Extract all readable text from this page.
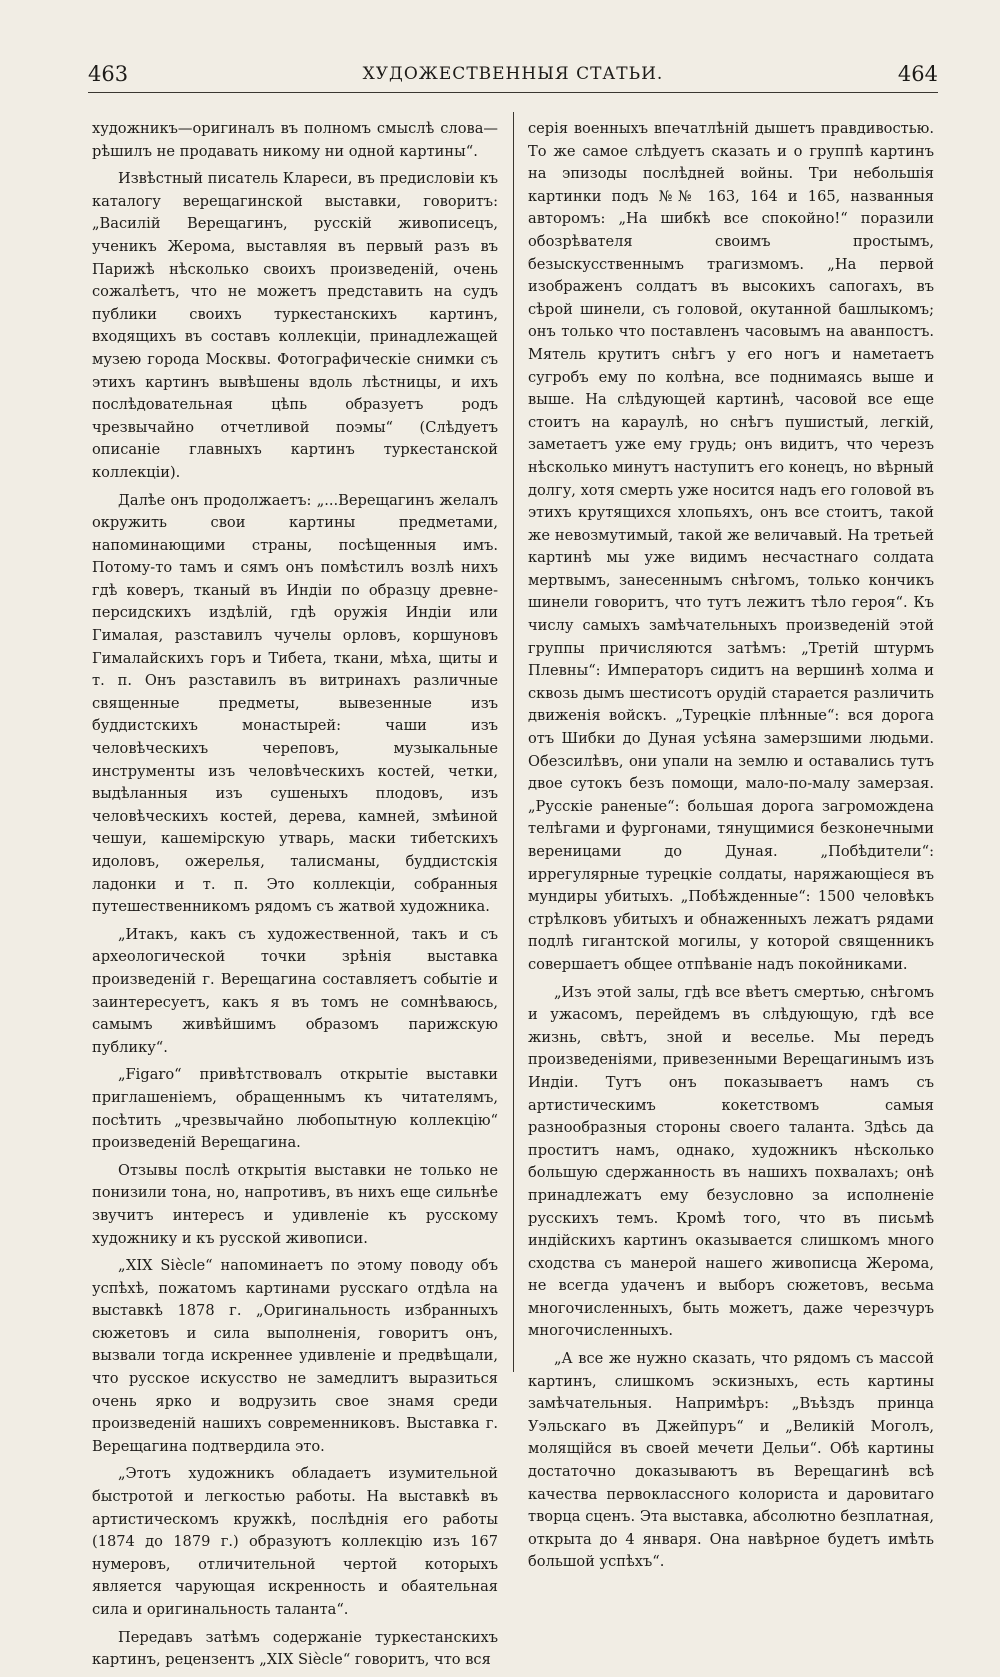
463	ХУДОЖЕСТВЕННЫЯ СТАТЬИ.	464

художникъ—оригиналъ въ полномъ смыслѣ слова— рѣшилъ не продавать никому ни одной картины“.

Извѣстный писатель Клареси, въ предисловіи къ каталогу верещагинской выставки, говоритъ: „Василій Верещагинъ, русскій живописецъ, ученикъ Жерома, выставляя въ первый разъ въ Парижѣ нѣсколько своихъ произведеній, очень сожалѣетъ, что не можетъ представить на судъ публики своихъ туркестанскихъ картинъ, входящихъ въ составъ коллекціи, принадлежащей музею города Москвы. Фотографическіе снимки съ этихъ картинъ вывѣшены вдоль лѣстницы, и ихъ послѣдовательная цѣпь образуетъ родъ чрезвычайно отчетливой поэмы“ (Слѣдуетъ описаніе главныхъ картинъ туркестанской коллекціи).

Далѣе онъ продолжаетъ: „...Верещагинъ желалъ окружить свои картины предметами, напоминающими страны, посѣщенныя имъ. Потому-то тамъ и сямъ онъ помѣстилъ возлѣ нихъ гдѣ коверъ, тканый въ Индіи по образцу древне-персидскихъ издѣлій, гдѣ оружія Индіи или Гималая, разставилъ чучелы орловъ, коршуновъ Гималайскихъ горъ и Тибета, ткани, мѣха, щиты и т. п. Онъ разставилъ въ витринахъ различные священные предметы, вывезенные изъ буддистскихъ монастырей: чаши изъ человѣческихъ череповъ, музыкальные инструменты изъ человѣческихъ костей, четки, выдѣланныя изъ сушеныхъ плодовъ, изъ человѣческихъ костей, дерева, камней, змѣиной чешуи, кашемірскую утварь, маски тибетскихъ идоловъ, ожерелья, талисманы, буддистскія ладонки и т. п. Это коллекціи, собранныя путешественникомъ рядомъ съ жатвой художника.

„Итакъ, какъ съ художественной, такъ и съ археологической точки зрѣнія выставка произведеній г. Верещагина составляетъ событіе и заинтересуетъ, какъ я въ томъ не сомнѣваюсь, самымъ живѣйшимъ образомъ парижскую публику“.

„Figaro“ привѣтствовалъ открытіе выставки приглашеніемъ, обращеннымъ къ читателямъ, посѣтить „чрезвычайно любопытную коллекцію“ произведеній Верещагина.

Отзывы послѣ открытія выставки не только не понизили тона, но, напротивъ, въ нихъ еще сильнѣе звучитъ интересъ и удивленіе къ русскому художнику и къ русской живописи.

„XIX Siècle“ напоминаетъ по этому поводу объ успѣхѣ, пожатомъ картинами русскаго отдѣла на выставкѣ 1878 г. „Оригинальность избранныхъ сюжетовъ и сила выполненія, говоритъ онъ, вызвали тогда искреннее удивленіе и предвѣщали, что русское искусство не замедлитъ выразиться очень ярко и водрузить свое знамя среди произведеній нашихъ современниковъ. Выставка г. Верещагина подтвердила это.

„Этотъ художникъ обладаетъ изумительной быстротой и легкостью работы. На выставкѣ въ артистическомъ кружкѣ, послѣднія его работы (1874 до 1879 г.) образуютъ коллекцію изъ 167 нумеровъ, отличительной чертой которыхъ является чарующая искренность и обаятельная сила и оригинальность таланта“.

Передавъ затѣмъ содержаніе туркестанскихъ картинъ, рецензентъ „XIX Siècle“ говоритъ, что вся

серія военныхъ впечатлѣній дышетъ правдивостью. То же самое слѣдуетъ сказать и о группѣ картинъ на эпизоды послѣдней войны. Три небольшія картинки подъ №№ 163, 164 и 165, названныя авторомъ: „На шибкѣ все спокойно!“ поразили обозрѣвателя своимъ простымъ, безыскусственнымъ трагизмомъ. „На первой изображенъ солдатъ въ высокихъ сапогахъ, въ сѣрой шинели, съ головой, окутанной башлыкомъ; онъ только что поставленъ часовымъ на аванпостъ. Мятель крутитъ снѣгъ у его ногъ и наметаетъ сугробъ ему по колѣна, все поднимаясь выше и выше. На слѣдующей картинѣ, часовой все еще стоитъ на караулѣ, но снѣгъ пушистый, легкій, заметаетъ уже ему грудь; онъ видитъ, что черезъ нѣсколько минутъ наступитъ его конецъ, но вѣрный долгу, хотя смерть уже носится надъ его головой въ этихъ крутящихся хлопьяхъ, онъ все стоитъ, такой же невозмутимый, такой же величавый. На третьей картинѣ мы уже видимъ несчастнаго солдата мертвымъ, занесеннымъ снѣгомъ, только кончикъ шинели говоритъ, что тутъ лежитъ тѣло героя“. Къ числу самыхъ замѣчательныхъ произведеній этой группы причисляются затѣмъ: „Третій штурмъ Плевны“: Императоръ сидитъ на вершинѣ холма и сквозь дымъ шестисотъ орудій старается различить движенія войскъ. „Турецкіе плѣнные“: вся дорога отъ Шибки до Дуная усѣяна замерзшими людьми. Обезсилѣвъ, они упали на землю и оставались тутъ двое сутокъ безъ помощи, мало-по-малу замерзая. „Русскіе раненые“: большая дорога загромождена телѣгами и фургонами, тянущимися безконечными вереницами до Дуная. „Побѣдители“: иррегулярные турецкіе солдаты, наряжающіеся въ мундиры убитыхъ. „Побѣжденные“: 1500 человѣкъ стрѣлковъ убитыхъ и обнаженныхъ лежатъ рядами подлѣ гигантской могилы, у которой священникъ совершаетъ общее отпѣваніе надъ покойниками.

„Изъ этой залы, гдѣ все вѣетъ смертью, снѣгомъ и ужасомъ, перейдемъ въ слѣдующую, гдѣ все жизнь, свѣтъ, зной и веселье. Мы передъ произведеніями, привезенными Верещагинымъ изъ Индіи. Тутъ онъ показываетъ намъ съ артистическимъ кокетствомъ самыя разнообразныя стороны своего таланта. Здѣсь да проститъ намъ, однако, художникъ нѣсколько большую сдержанность въ нашихъ похвалахъ; онѣ принадлежатъ ему безусловно за исполненіе русскихъ темъ. Кромѣ того, что въ письмѣ индійскихъ картинъ оказывается слишкомъ много сходства съ манерой нашего живописца Жерома, не всегда удаченъ и выборъ сюжетовъ, весьма многочисленныхъ, быть можетъ, даже черезчуръ многочисленныхъ.

„А все же нужно сказать, что рядомъ съ массой картинъ, слишкомъ эскизныхъ, есть картины замѣчательныя. Напримѣръ: „Въѣздъ принца Уэльскаго въ Джейпуръ“ и „Великій Моголъ, молящійся въ своей мечети Дельи“. Обѣ картины достаточно доказываютъ въ Верещагинѣ всѣ качества первоклассного колориста и даровитаго творца сценъ. Эта выставка, абсолютно безплатная, открыта до 4 января. Она навѣрное будетъ имѣть большой успѣхъ“.
